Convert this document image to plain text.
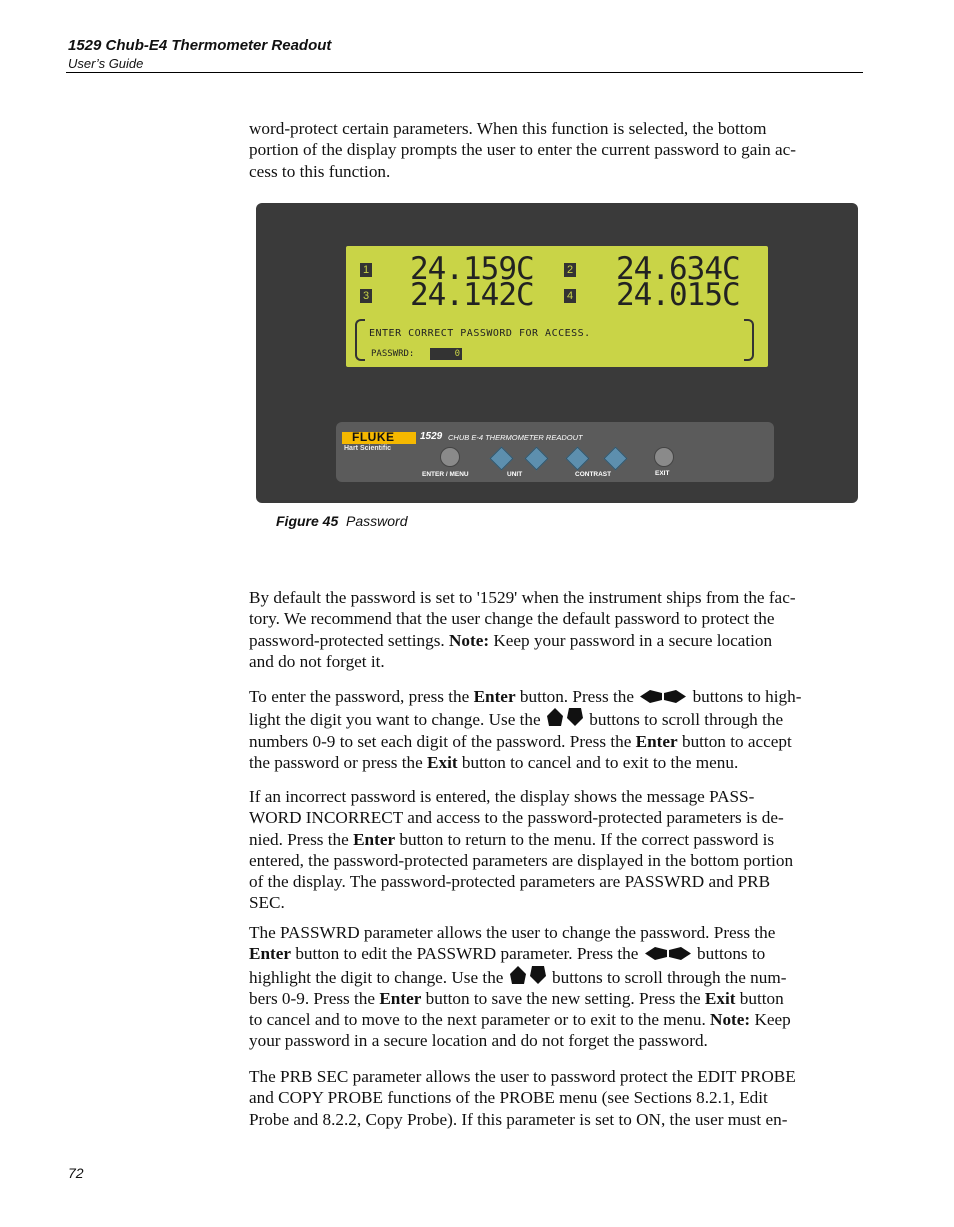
1529 Chub-E4 Thermometer Readout
User’s Guide
word-protect certain parameters. When this function is selected, the bottom
portion of the display prompts the user to enter the current password to gain ac-
cess to this function.
1 24.159C	2 24.634C
3 24.142C	4 24.015C
ENTER CORRECT PASSWORD FOR ACCESS.
PASSWRD:	0
FLUKE
Hart Scientific
1529 CHUB E-4 THERMOMETER READOUT
ENTER / MENU	UNIT	CONTRAST	EXIT
Figure 45 Password
By default the password is set to '1529' when the instrument ships from the fac-
tory. We recommend that the user change the default password to protect the
password-protected settings. Note: Keep your password in a secure location
and do not forget it.
To enter the password, press the Enter button. Press the	buttons to high-
light the digit you want to change. Use the  buttons to scroll through the
numbers 0-9 to set each digit of the password. Press the Enter button to accept
the password or press the Exit button to cancel and to exit to the menu.
If an incorrect password is entered, the display shows the message PASS-
WORD INCORRECT and access to the password-protected parameters is de-
nied. Press the Enter button to return to the menu. If the correct password is
entered, the password-protected parameters are displayed in the bottom portion
of the display. The password-protected parameters are PASSWRD and PRB
SEC.
The PASSWRD parameter allows the user to change the password. Press the
Enter button to edit the PASSWRD parameter. Press the	buttons to
highlight the digit to change. Use the  buttons to scroll through the num-
bers 0-9. Press the Enter button to save the new setting. Press the Exit button
to cancel and to move to the next parameter or to exit to the menu. Note: Keep
your password in a secure location and do not forget the password.
The PRB SEC parameter allows the user to password protect the EDIT PROBE
and COPY PROBE functions of the PROBE menu (see Sections 8.2.1, Edit
Probe and 8.2.2, Copy Probe). If this parameter is set to ON, the user must en-
72
